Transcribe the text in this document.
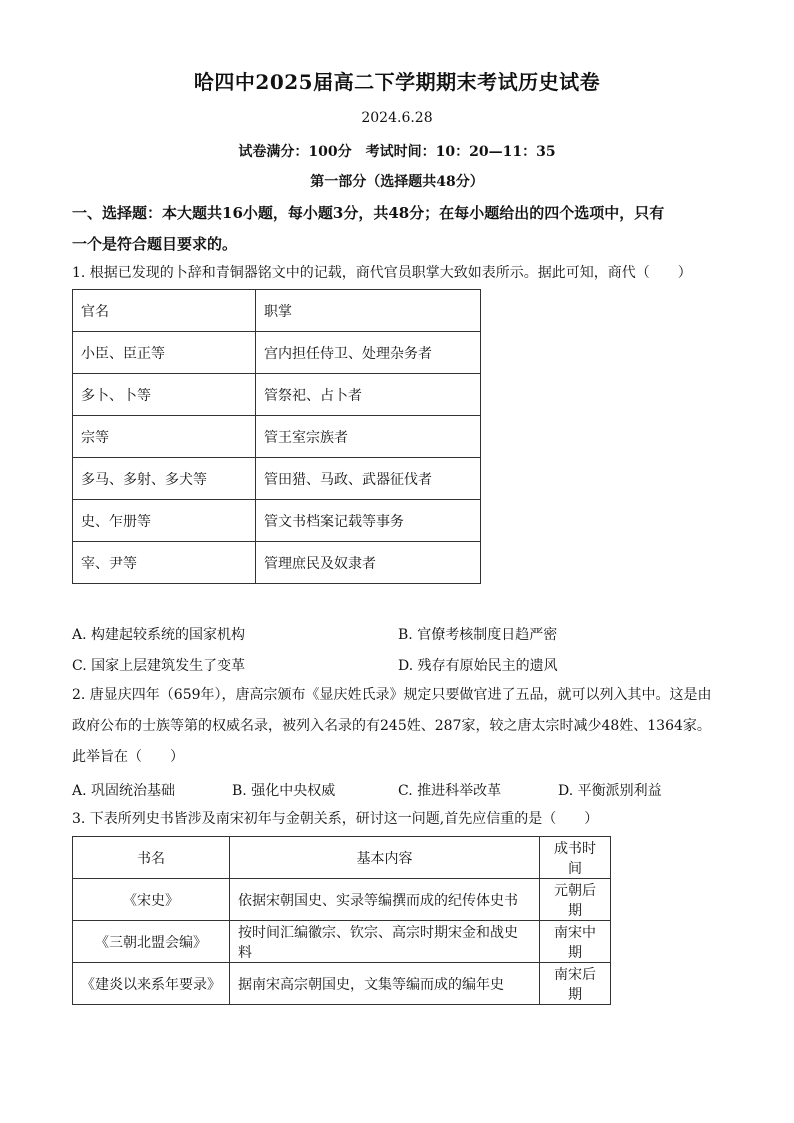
哈四中2025届高二下学期期末考试历史试卷
2024.6.28
试卷满分：100分　考试时间：10：20—11：35
第一部分（选择题共48分）
一、选择题：本大题共16小题，每小题3分，共48分；在每小题给出的四个选项中，只有
一个是符合题目要求的。
1. 根据已发现的卜辞和青铜器铭文中的记载，商代官员职掌大致如表所示。据此可知，商代（　　）
官名	职掌
小臣、臣正等	宫内担任侍卫、处理杂务者
多卜、卜等	管祭祀、占卜者
宗等	管王室宗族者
多马、多射、多犬等	管田猎、马政、武器征伐者
史、乍册等	管文书档案记载等事务
宰、尹等	管理庶民及奴隶者
A. 构建起较系统的国家机构	B. 官僚考核制度日趋严密
C. 国家上层建筑发生了变革	D. 残存有原始民主的遗风
2. 唐显庆四年（659年），唐高宗颁布《显庆姓氏录》规定只要做官进了五品，就可以列入其中。这是由
政府公布的士族等第的权威名录，被列入名录的有245姓、287家，较之唐太宗时减少48姓、1364家。
此举旨在（　　）
A. 巩固统治基础	B. 强化中央权威	C. 推进科举改革	D. 平衡派别利益
3. 下表所列史书皆涉及南宋初年与金朝关系，研讨这一问题,首先应信重的是（　　）
书名	基本内容	成书时间
《宋史》	依据宋朝国史、实录等编撰而成的纪传体史书	元朝后期
《三朝北盟会编》	按时间汇编徽宗、钦宗、高宗时期宋金和战史料	南宋中期
《建炎以来系年要录》	据南宋高宗朝国史，文集等编而成的编年史	南宋后期
